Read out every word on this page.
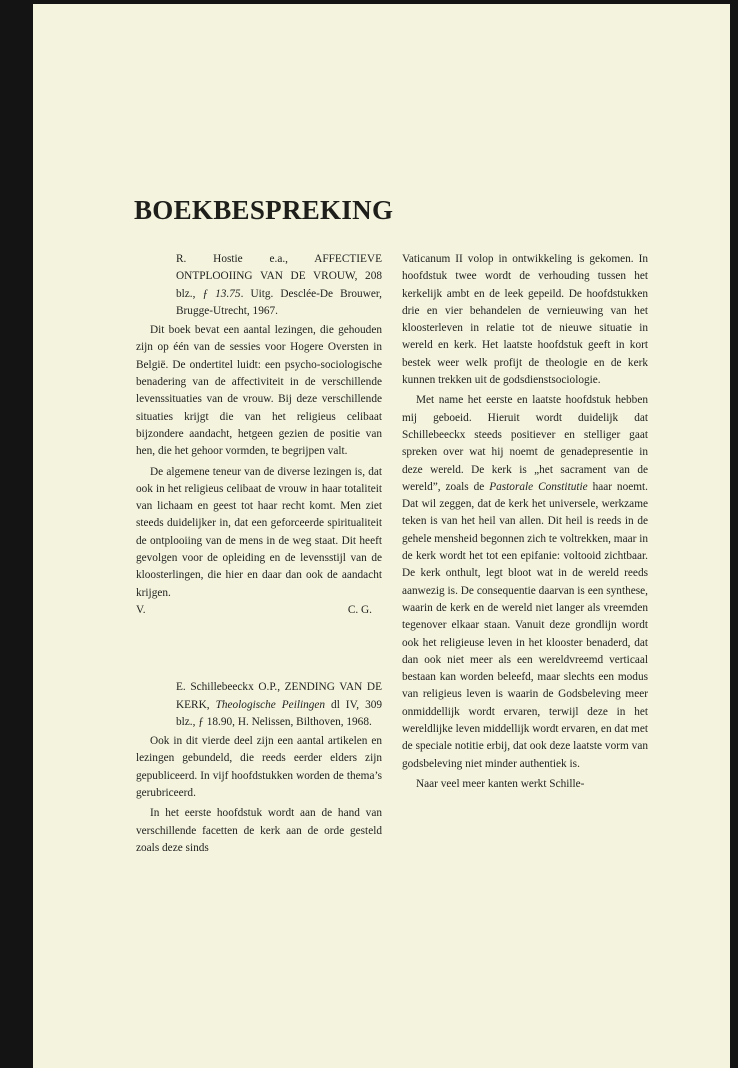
BOEKBESPREKING

R. Hostie e.a., AFFECTIEVE ONTPLOOIING VAN DE VROUW, 208 blz., ƒ 13.75. Uitg. Desclée-De Brouwer, Brugge-Utrecht, 1967.

Dit boek bevat een aantal lezingen, die gehouden zijn op één van de sessies voor Hogere Oversten in België. De ondertitel luidt: een psycho-sociologische benadering van de affectiviteit in de verschillende levenssituaties van de vrouw. Bij deze verschillende situaties krijgt die van het religieus celibaat bijzondere aandacht, hetgeen gezien de positie van hen, die het gehoor vormden, te begrijpen valt.

De algemene teneur van de diverse lezingen is, dat ook in het religieus celibaat de vrouw in haar totaliteit van lichaam en geest tot haar recht komt. Men ziet steeds duidelijker in, dat een geforceerde spiritualiteit de ontplooiing van de mens in de weg staat. Dit heeft gevolgen voor de opleiding en de levensstijl van de kloosterlingen, die hier en daar dan ook de aandacht krijgen.

V.	C. G.

E. Schillebeeckx O.P., ZENDING VAN DE KERK, Theologische Peilingen dl IV, 309 blz., ƒ 18.90, H. Nelissen, Bilthoven, 1968.

Ook in dit vierde deel zijn een aantal artikelen en lezingen gebundeld, die reeds eerder elders zijn gepubliceerd. In vijf hoofdstukken worden de thema’s gerubriceerd.

In het eerste hoofdstuk wordt aan de hand van verschillende facetten de kerk aan de orde gesteld zoals deze sinds

Vaticanum II volop in ontwikkeling is gekomen. In hoofdstuk twee wordt de verhouding tussen het kerkelijk ambt en de leek gepeild. De hoofdstukken drie en vier behandelen de vernieuwing van het kloosterleven in relatie tot de nieuwe situatie in wereld en kerk. Het laatste hoofdstuk geeft in kort bestek weer welk profijt de theologie en de kerk kunnen trekken uit de godsdienstsociologie.

Met name het eerste en laatste hoofdstuk hebben mij geboeid. Hieruit wordt duidelijk dat Schillebeeckx steeds positiever en stelliger gaat spreken over wat hij noemt de genadepresentie in deze wereld. De kerk is „het sacrament van de wereld”, zoals de Pastorale Constitutie haar noemt. Dat wil zeggen, dat de kerk het universele, werkzame teken is van het heil van allen. Dit heil is reeds in de gehele mensheid begonnen zich te voltrekken, maar in de kerk wordt het tot een epifanie: voltooid zichtbaar. De kerk onthult, legt bloot wat in de wereld reeds aanwezig is. De consequentie daarvan is een synthese, waarin de kerk en de wereld niet langer als vreemden tegenover elkaar staan. Vanuit deze grondlijn wordt ook het religieuse leven in het klooster benaderd, dat dan ook niet meer als een wereldvreemd verticaal bestaan kan worden beleefd, maar slechts een modus van religieus leven is waarin de Godsbeleving meer onmiddellijk wordt ervaren, terwijl deze in het wereldlijke leven middellijk wordt ervaren, en dat met de speciale notitie erbij, dat ook deze laatste vorm van godsbeleving niet minder authentiek is.

Naar veel meer kanten werkt Schille-
